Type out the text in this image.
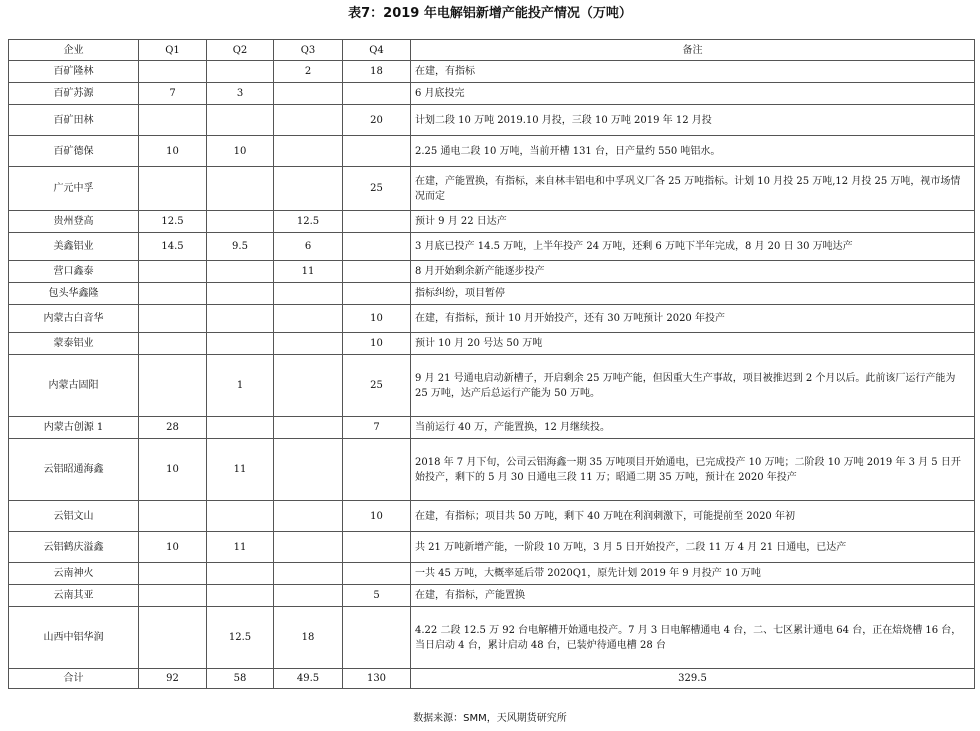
表7：2019 年电解铝新增产能投产情况（万吨）
企业	Q1	Q2	Q3	Q4	备注
百矿隆林			2	18	在建，有指标
百矿苏源	7	3			6 月底投完
百矿田林				20	计划二段 10 万吨 2019.10 月投，三段 10 万吨 2019 年 12 月投
百矿德保	10	10			2.25 通电二段 10 万吨，当前开槽 131 台，日产量约 550 吨铝水。
广元中孚				25	在建，产能置换，有指标，来自林丰铝电和中孚巩义厂各 25 万吨指标。计划 10 月投 25 万吨,12 月投 25 万吨，视市场情况而定
贵州登高	12.5		12.5		预计 9 月 22 日达产
美鑫铝业	14.5	9.5	6		3 月底已投产 14.5 万吨，上半年投产 24 万吨，还剩 6 万吨下半年完成，8 月 20 日 30 万吨达产
营口鑫泰			11		8 月开始剩余新产能逐步投产
包头华鑫隆					指标纠纷，项目暂停
内蒙古白音华				10	在建，有指标，预计 10 月开始投产，还有 30 万吨预计 2020 年投产
蒙泰铝业				10	预计 10 月 20 号达 50 万吨
内蒙古固阳		1		25	9 月 21 号通电启动新槽子，开启剩余 25 万吨产能，但因重大生产事故，项目被推迟到 2 个月以后。此前该厂运行产能为 25 万吨，达产后总运行产能为 50 万吨。
内蒙古创源 1	28			7	当前运行 40 万，产能置换，12 月继续投。
云铝昭通海鑫	10	11			2018 年 7 月下旬，公司云铝海鑫一期 35 万吨项目开始通电，已完成投产 10 万吨；二阶段 10 万吨 2019 年 3 月 5 日开始投产，剩下的 5 月 30 日通电三段 11 万；昭通二期 35 万吨，预计在 2020 年投产
云铝文山				10	在建，有指标；项目共 50 万吨，剩下 40 万吨在利润刺激下，可能提前至 2020 年初
云铝鹤庆溢鑫	10	11			共 21 万吨新增产能，一阶段 10 万吨，3 月 5 日开始投产，二段 11 万 4 月 21 日通电，已达产
云南神火					一共 45 万吨，大概率延后带 2020Q1，原先计划 2019 年 9 月投产 10 万吨
云南其亚				5	在建，有指标，产能置换
山西中铝华润		12.5	18		4.22 二段 12.5 万 92 台电解槽开始通电投产。7 月 3 日电解槽通电 4 台，二、七区累计通电 64 台，正在焙烧槽 16 台，当日启动 4 台，累计启动 48 台，已装炉待通电槽 28 台
合计	92	58	49.5	130	329.5
数据来源：SMM，天风期货研究所
